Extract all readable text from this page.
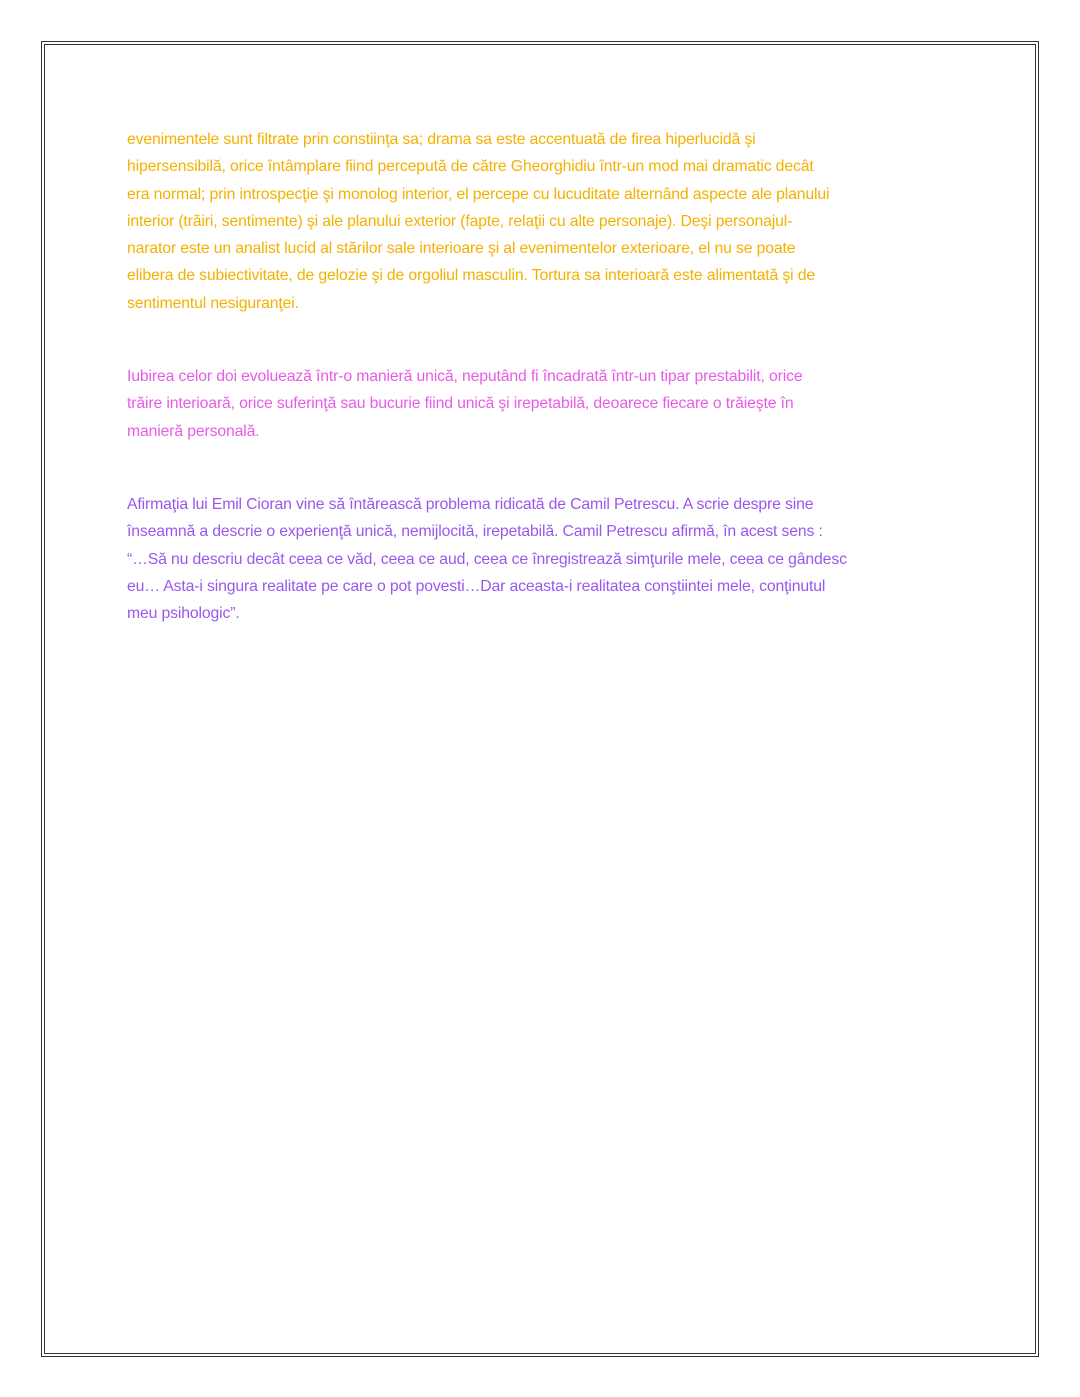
evenimentele sunt filtrate prin constiinţa sa; drama sa este accentuată de firea hiperlucidă şi
hipersensibilă, orice întâmplare fiind percepută de către Gheorghidiu într-un mod mai dramatic decât
era normal; prin introspecţie şi monolog interior, el percepe cu lucuditate alternând aspecte ale planului
interior (trăiri, sentimente) şi ale planului exterior (fapte, relaţii cu alte personaje). Deşi personajul-
narator este un analist lucid al stărilor sale interioare şi al evenimentelor exterioare, el nu se poate
elibera de subiectivitate, de gelozie şi de orgoliul masculin. Tortura sa interioară este alimentată şi de
sentimentul nesiguranţei.

Iubirea celor doi evoluează într-o manieră unică, neputând fi încadrată într-un tipar prestabilit, orice
trăire interioară, orice suferinţă sau bucurie fiind unică şi irepetabilă, deoarece fiecare o trăieşte în
manieră personală.

Afirmaţia lui Emil Cioran vine să întărească problema ridicată de Camil Petrescu. A scrie despre sine
înseamnă a descrie o experienţă unică, nemijlocită, irepetabilă. Camil Petrescu afirmă, în acest sens :
“…Să nu descriu decât ceea ce văd, ceea ce aud, ceea ce înregistrează simţurile mele, ceea ce gândesc
eu… Asta-i singura realitate pe care o pot povesti…Dar aceasta-i realitatea conştiintei mele, conţinutul
meu psihologic”.
